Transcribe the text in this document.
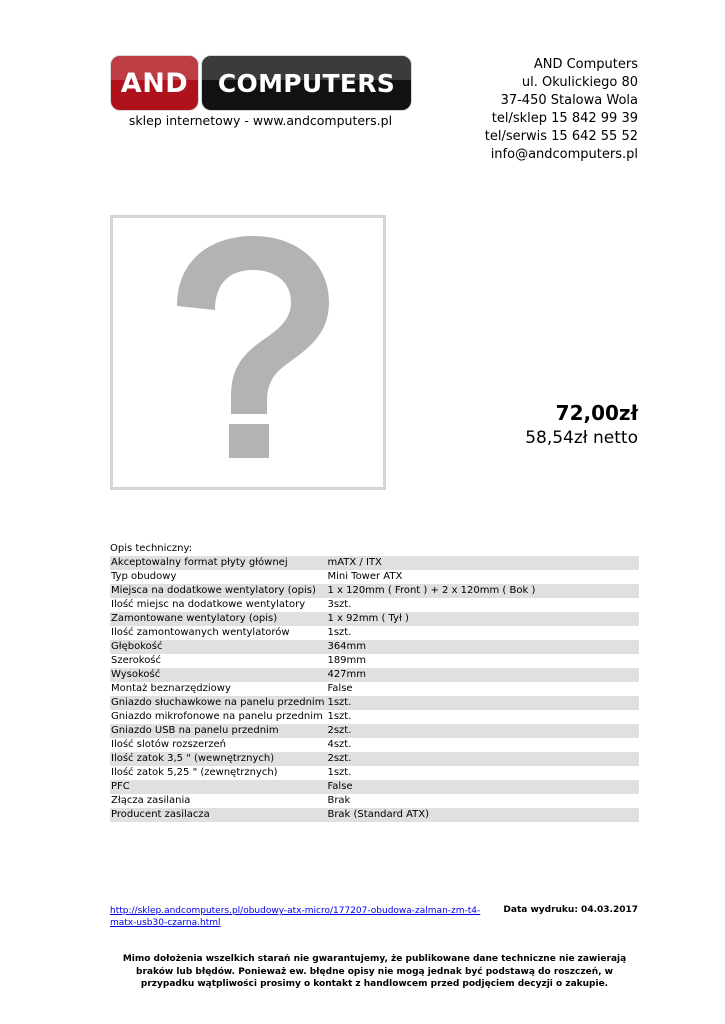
AND	COMPUTERS
sklep internetowy - www.andcomputers.pl
AND Computers
ul. Okulickiego 80
37-450 Stalowa Wola
tel/sklep 15 842 99 39
tel/serwis 15 642 55 52
info@andcomputers.pl
72,00zł
58,54zł netto
Opis techniczny:
Akceptowalny format płyty głównej	mATX / ITX
Typ obudowy	Mini Tower ATX
Miejsca na dodatkowe wentylatory (opis)	1 x 120mm ( Front ) + 2 x 120mm ( Bok )
Ilość miejsc na dodatkowe wentylatory	3szt.
Zamontowane wentylatory (opis)	1 x 92mm ( Tył )
Ilość zamontowanych wentylatorów	1szt.
Głębokość	364mm
Szerokość	189mm
Wysokość	427mm
Montaż beznarzędziowy	False
Gniazdo słuchawkowe na panelu przednim	1szt.
Gniazdo mikrofonowe na panelu przednim	1szt.
Gniazdo USB na panelu przednim	2szt.
Ilość slotów rozszerzeń	4szt.
Ilość zatok 3,5 " (wewnętrznych)	2szt.
Ilość zatok 5,25 " (zewnętrznych)	1szt.
PFC	False
Złącza zasilania	Brak
Producent zasilacza	Brak (Standard ATX)
http://sklep.andcomputers.pl/obudowy-atx-micro/177207-obudowa-zalman-zm-t4-matx-usb30-czarna.html
Data wydruku: 04.03.2017
Mimo dołożenia wszelkich starań nie gwarantujemy, że publikowane dane techniczne nie zawierają braków lub błędów. Ponieważ ew. błędne opisy nie mogą jednak być podstawą do roszczeń, w przypadku wątpliwości prosimy o kontakt z handlowcem przed podjęciem decyzji o zakupie.
